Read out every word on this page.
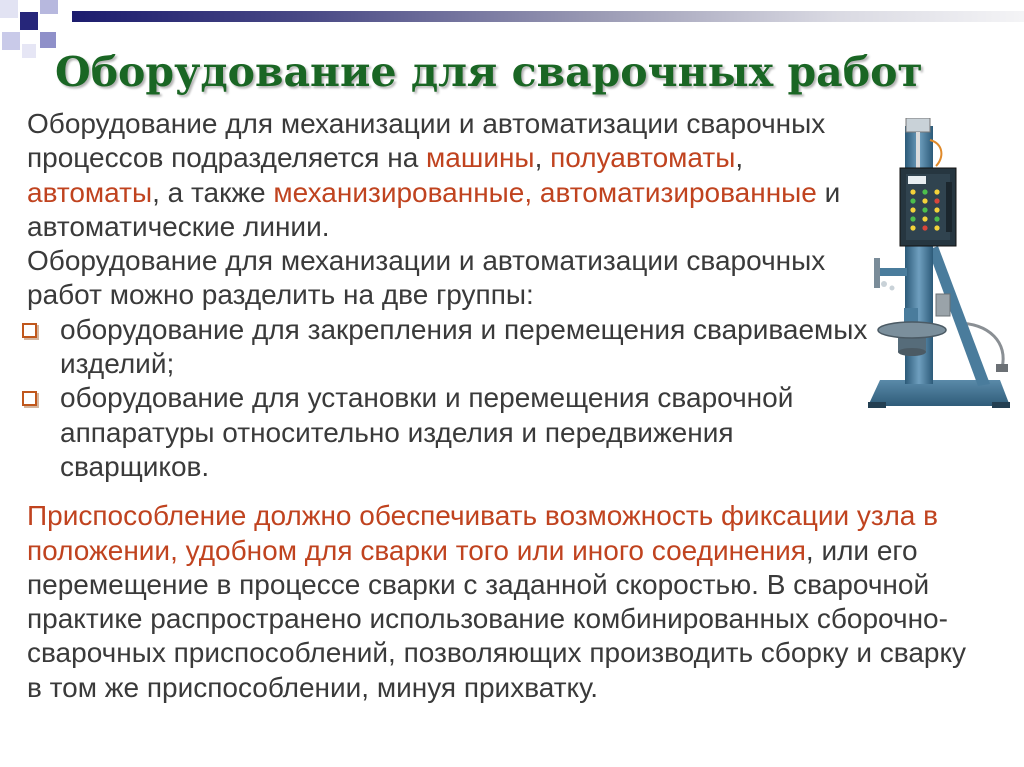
Оборудование для сварочных работ
Оборудование для механизации и автоматизации сварочных
процессов подразделяется на машины, полуавтоматы,
автоматы, а также механизированные, автоматизированные и
автоматические линии.
Оборудование для механизации и автоматизации сварочных
работ можно разделить на две группы:
оборудование для закрепления и перемещения свариваемых
изделий;
оборудование для установки и перемещения сварочной
аппаратуры относительно изделия и передвижения
сварщиков.
Приспособление должно обеспечивать возможность фиксации узла в
положении, удобном для сварки того или иного соединения, или его
перемещение в процессе сварки с заданной скоростью. В сварочной
практике распространено использование комбинированных сборочно-
сварочных приспособлений, позволяющих производить сборку и сварку
в том же приспособлении, минуя прихватку.
